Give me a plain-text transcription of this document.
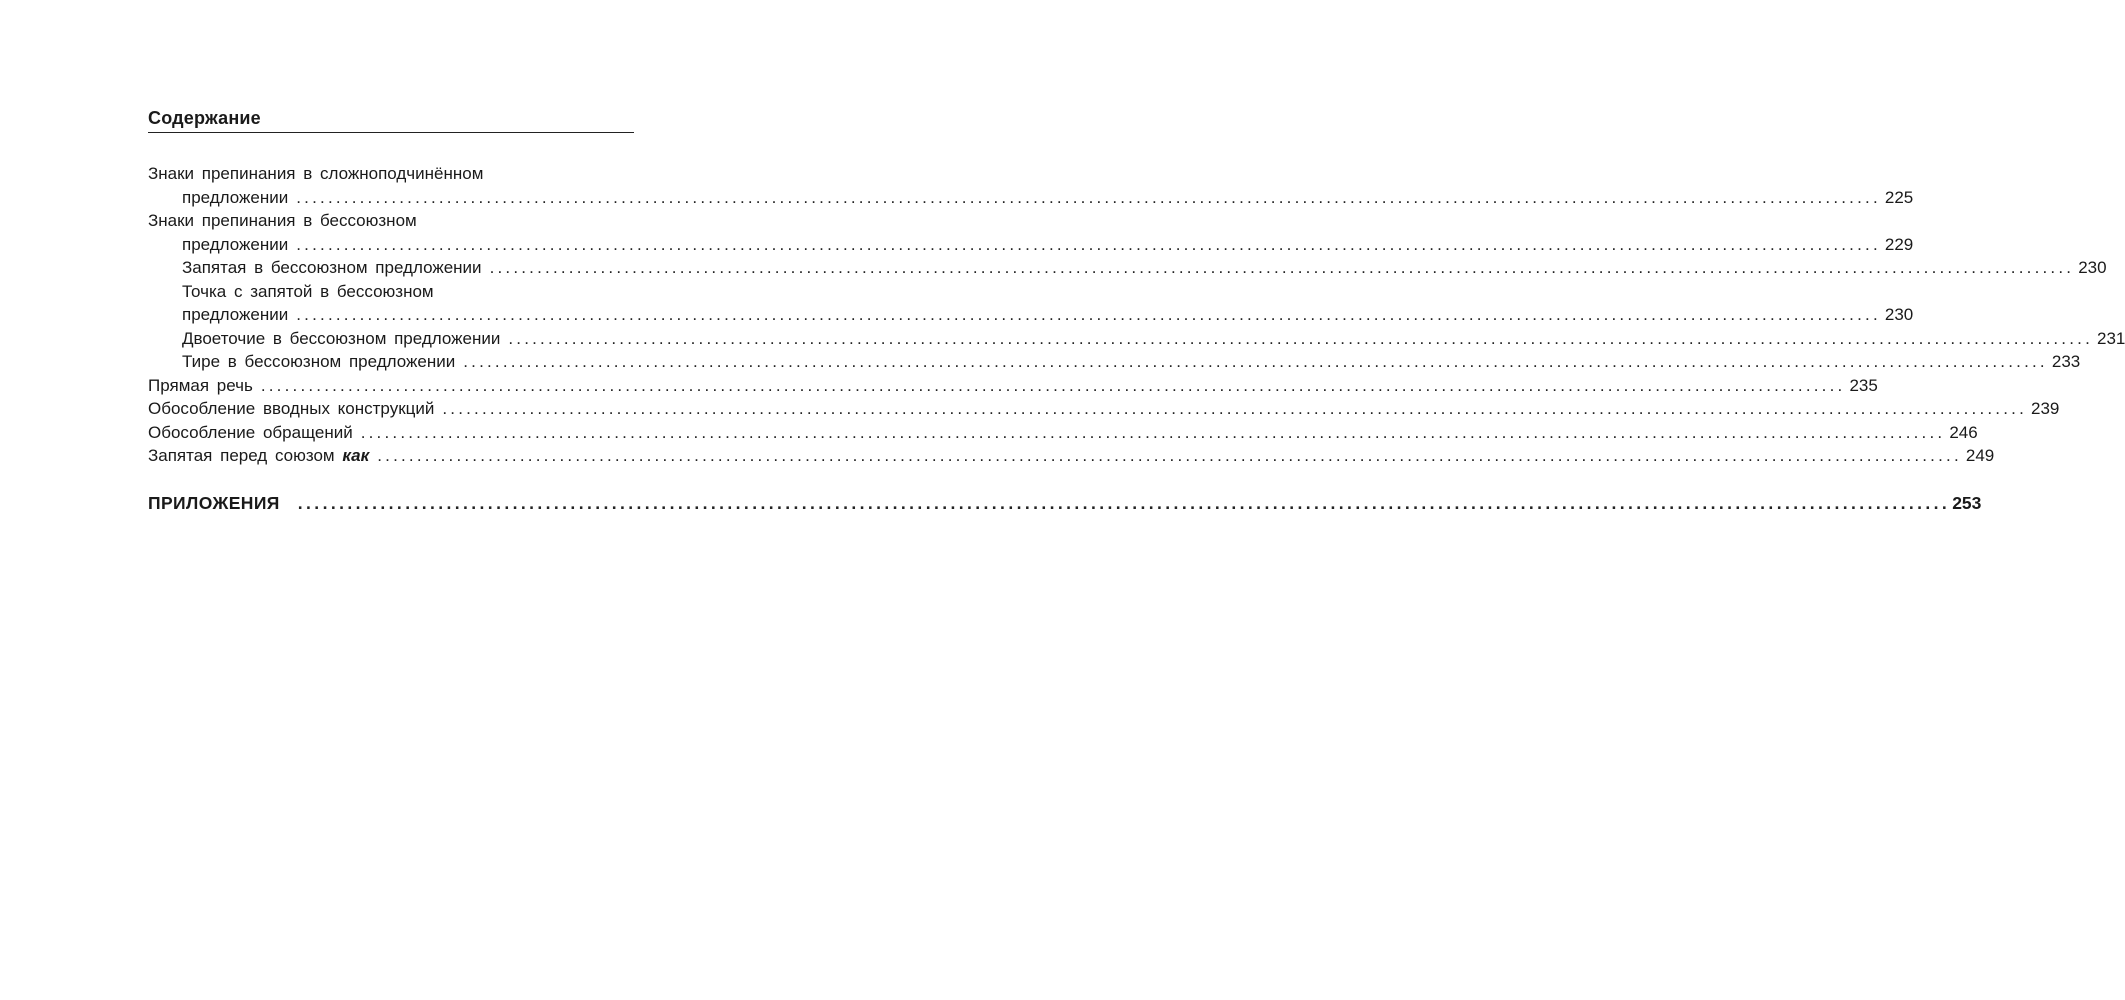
Содержание
Знаки препинания в сложноподчинённом
предложении ........................................................................................................................................................................................................ 225
Знаки препинания в бессоюзном
предложении ........................................................................................................................................................................................................ 229
Запятая в бессоюзном предложении ........................................................................................................................................................................................................ 230
Точка с запятой в бессоюзном
предложении ........................................................................................................................................................................................................ 230
Двоеточие в бессоюзном предложении ........................................................................................................................................................................................................ 231
Тире в бессоюзном предложении ........................................................................................................................................................................................................ 233
Прямая речь ........................................................................................................................................................................................................ 235
Обособление вводных конструкций ........................................................................................................................................................................................................ 239
Обособление обращений ........................................................................................................................................................................................................ 246
Запятая перед союзом как ........................................................................................................................................................................................................ 249
ПРИЛОЖЕНИЯ	........................................................................................................................................................................................................ 253
